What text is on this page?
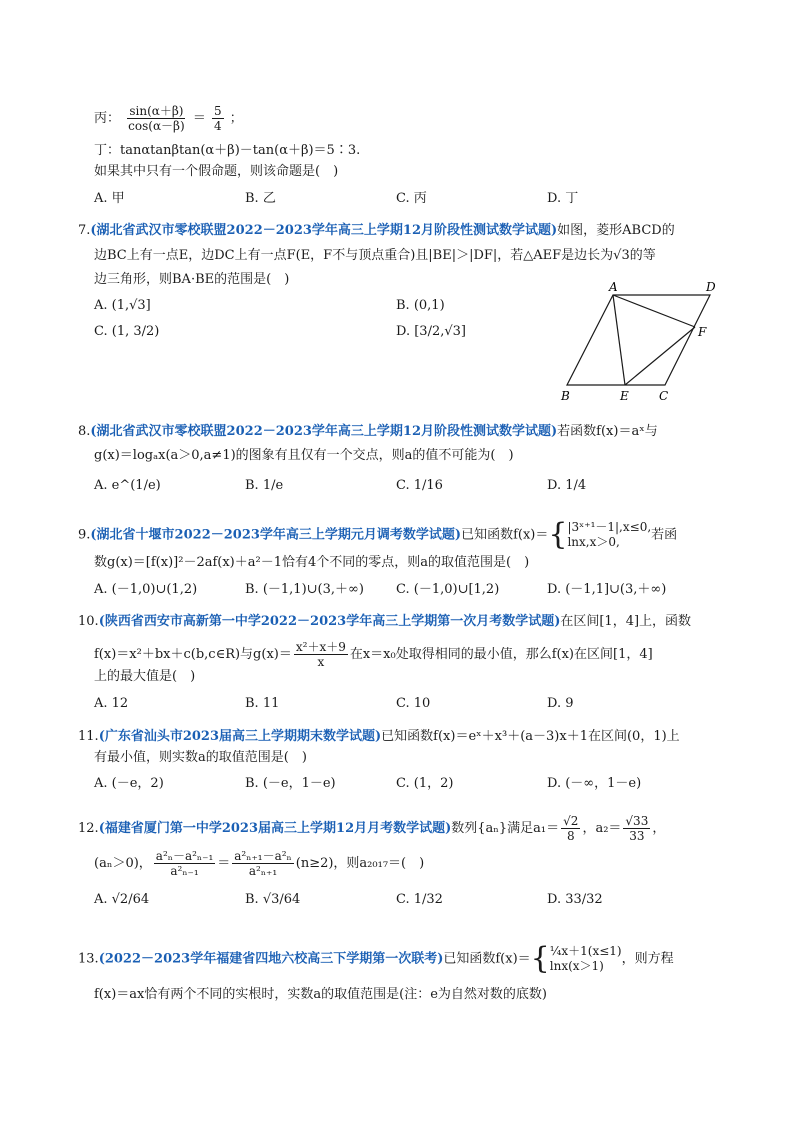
丙： $\frac{\sin(\alpha+\beta)}{\cos(\alpha-\beta)} = \frac{5}{4}$ ；
丁：tanαtanβtan(α＋β)－tan(α＋β)＝5∶3.
如果其中只有一个假命题，则该命题是(　)
A. 甲	B. 乙	C. 丙	D. 丁
7.(湖北省武汉市零校联盟2022－2023学年高三上学期12月阶段性测试数学试题)如图，菱形ABCD的
边BC上有一点E，边DC上有一点F(E，F不与顶点重合)且|BE|＞|DF|，若△AEF是边长为√3的等
边三角形，则BA·BE的范围是(　)
A. (1,√3]	B. (0,1)
C. (1, 3/2)	D. [3/2,√3]
A	D
F
B	E	C
8.(湖北省武汉市零校联盟2022－2023学年高三上学期12月阶段性测试数学试题)若函数f(x)＝aˣ与
g(x)＝logₐx(a＞0,a≠1)的图象有且仅有一个交点，则a的值不可能为(　)
A. e^(1/e)	B. 1/e	C. 1/16	D. 1/4
9.(湖北省十堰市2022－2023学年高三上学期元月调考数学试题)已知函数f(x)＝{|3ˣ⁺¹－1|,x≤0,
lnx,x＞0, 若函
数g(x)＝[f(x)]²－2af(x)＋a²－1恰有4个不同的零点，则a的取值范围是(　)
A. (－1,0)∪(1,2)	B. (－1,1)∪(3,＋∞) C. (－1,0)∪[1,2)	D. (－1,1]∪(3,＋∞)
10.(陕西省西安市高新第一中学2022－2023学年高三上学期第一次月考数学试题)在区间[1，4]上，函数
f(x)＝x²＋bx＋c(b,c∈R)与$g(x)= \frac{\text{x²＋x＋9}}{x}$ 在x＝x₀处取得相同的最小值，那么f(x)在区间[1，4]
上的最大值是(　)
A. 12	B. 11	C. 10	D. 9
11.(广东省汕头市2023届高三上学期期末数学试题)已知函数f(x)＝eˣ＋x³＋(a－3)x＋1在区间(0，1)上
有最小值，则实数a的取值范围是(　)
A. (－e，2)	B. (－e，1－e)	C. (1，2)	D. (－∞，1－e)
12.(福建省厦门第一中学2023届高三上学期12月月考数学试题)数列{aₙ}满足$a_1= \frac{√2}{8}$ ，$a_2= \frac{√33}{33}$ ，
(aₙ＞0)， $\frac{\text{a²ₙ－a²ₙ₋₁}}{\text{a²ₙ₋₁}} = \frac{\text{a²ₙ₊₁－a²ₙ}}{\text{a²ₙ₊₁}} (n\ge 2)$，则a₂₀₁₇＝(　)
A. √2/64	B. √3/64	C. 1/32	D. 33/32
13.(2022－2023学年福建省四地六校高三下学期第一次联考)已知函数f(x)＝{¼x＋1(x≤1)
lnx(x＞1) ，则方程
f(x)＝ax恰有两个不同的实根时，实数a的取值范围是(注：e为自然对数的底数)
